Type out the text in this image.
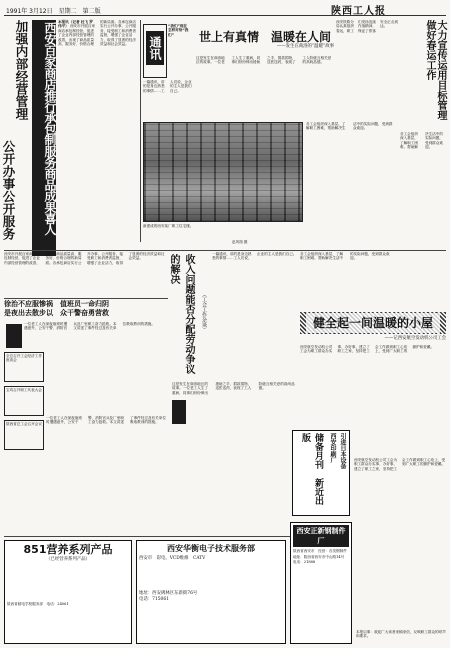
1991年 3月12日　星期二　第二版	陕西工人报
加强内部经营管理
公开办事公开服务 西安百家商店推行承包制服务商品成果喜人 本报讯（记者 杜飞 罗伟平） 西安市开展百家商店承包制经营，促进了企业内部经营管理的改善，出现了商品质量高、服务好、价格合理的新局面。各承包商店实行公开办事、公开服务，接受职工和消费者监督，增强了企业活力，取得了显著的经济效益和社会效益。	通讯
“我们”现在怎样对待“我们”
一篇通讯，讲的是身边熟悉的事情……工人们说，企业的主人是我们自己。
世上有真情　温暖在人间
——发生在商洛的“温暖”故事
这是发生在商洛地区的故事。一位老工人生了重病，同事们纷纷伸出援助之手，捐款捐物，送医送药，表现了工人阶级互相关爱的高尚品德。
新建成的西安某厂职工住宅楼。
赵风翔 摄
各工会组织深入基层，了解职工困难，帮助解决生活中的实际问题，受到群众欢迎。
大力宣传运用目标管理做好春运工作
西安铁路分局认真组织春运，职工们发扬连续作战精神，保证了旅客安全正点到达。
各工会组织深入基层，了解职工困难，帮助解决生活中的实际问题，受到群众欢迎。
西安市开展百家商店承包制经营，促进了企业内部经营管理的改善，出现了商品质量高、服务好、价格合理的新局面。各承包商店实行公开办事、公开服务，接受职工和消费者监督，增强了企业活力，取得了显著的经济效益和社会效益。	收入问题能否分配劳动争议的解决
（工会工作杂谈）
一篇通讯，讲的是身边熟悉的事情……工人们说，企业的主人是我们自己。 各工会组织深入基层，了解职工困难，帮助解决生活中的实际问题，受到群众欢迎。
徐治不应服惨祸　值班员一命归阴
是夜出去散步以　众干警奋勇营救
一位老工人在深夜值班时遭遇意外，公安干警、消防官兵及厂里职工奋力抢救。本文讲述了事件经过及有关单位吸取教训的措施。
全总召开工会经济工作座谈会
宝鸡召开职工代表大会
陕西省总工会召开会议
一位老工人在深夜值班时遭遇意外，公安干警、消防官兵及厂里职工奋力抢救。本文讲述了事件经过及有关单位吸取教训的措施。
这是发生在商洛地区的故事。一位老工人生了重病，同事们纷纷伸出援助之手，捐款捐物，送医送药，表现了工人阶级互相关爱的高尚品德。
健全起一间温暖的小屋
——记西安航空发动机公司工会
西安航空发动机公司工会为职工群众办实事、办好事，建立了职工之家，坚持把工会工作做到职工心坎上，受到广大职工的拥护和爱戴。
引进日本设备
西安印刷厂
储备月刊　新近出版
西安航空发动机公司工会为职工群众办实事、办好事，建立了职工之家，坚持把工会工作做到职工心坎上，受到广大职工的拥护和爱戴。
851营养系列产品
（已经营养系列产品）
陕西省邮电学校服务部　电话：24061
西安华衡电子技术服务部
西安市　彩电、VCD维修　CATV
地址：西安碑林区东新街76号
电话：715061
西安正新钢制件厂
陕西省西安市　经营：各类钢制件
地址：陕西省西安市中山路14号
电话：21888
本报启事：欢迎广大读者来稿来信，反映职工群众的呼声和要求。
